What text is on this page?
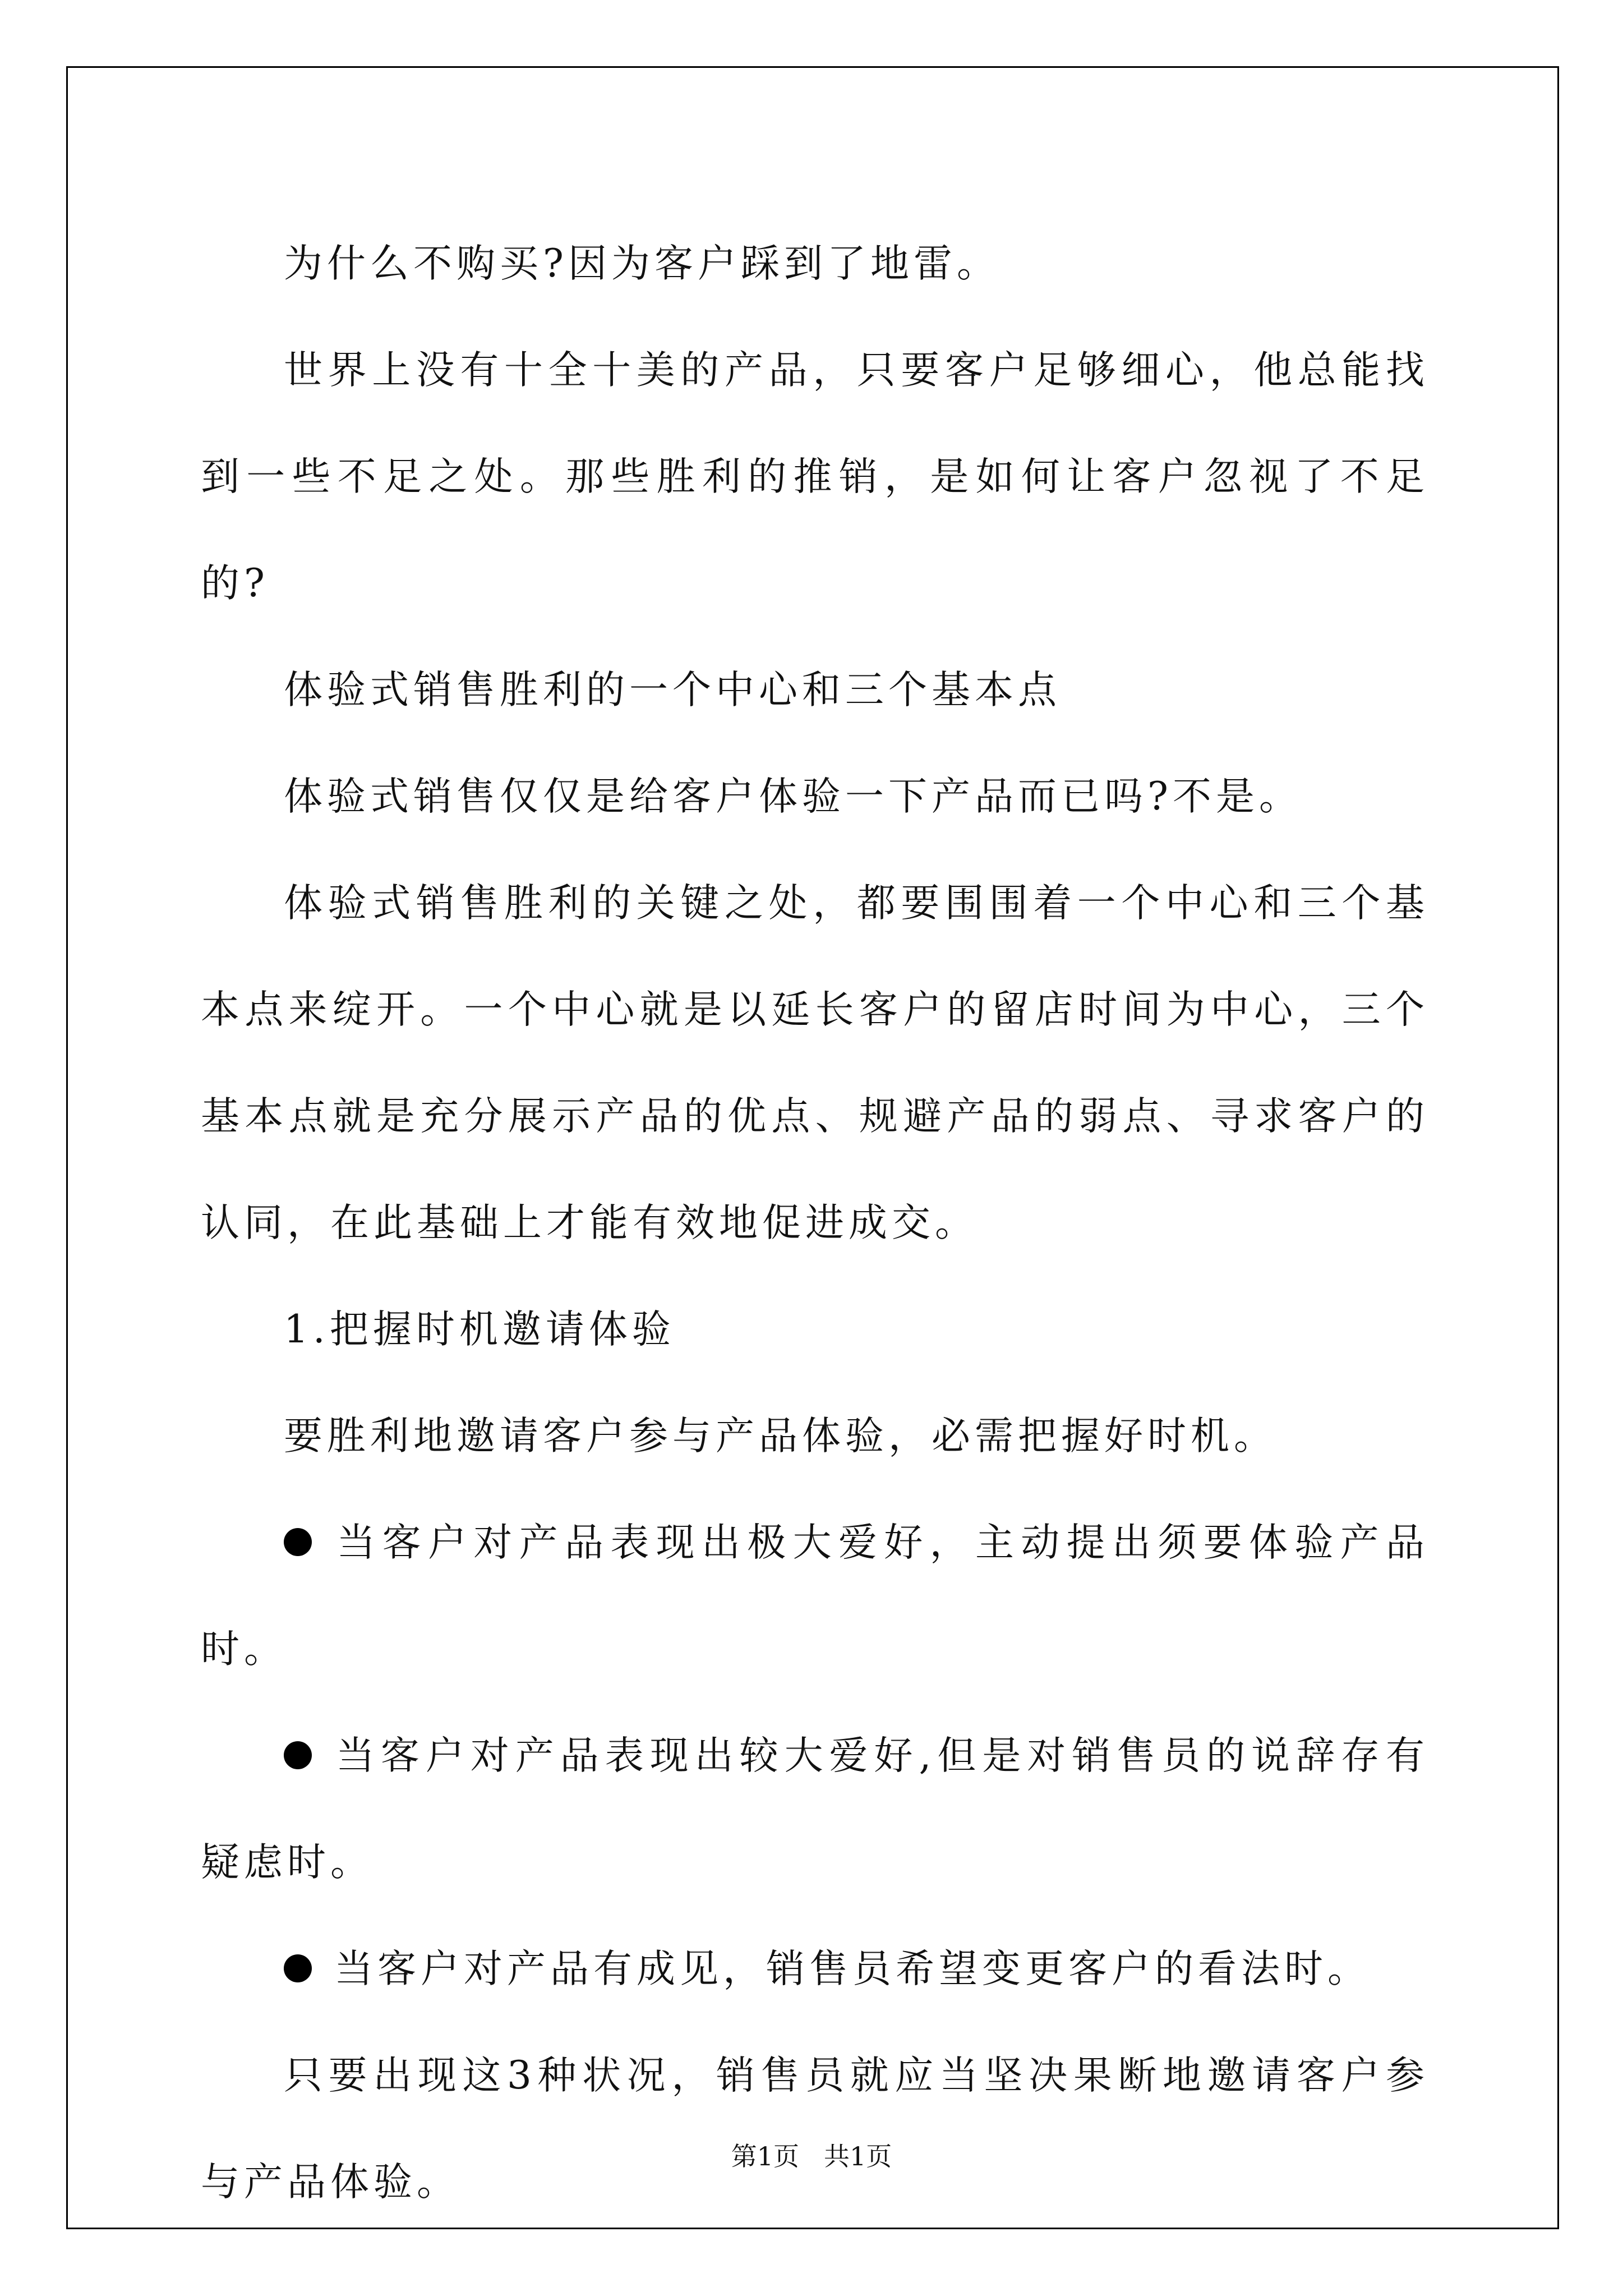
为什么不购买?因为客户踩到了地雷。

世界上没有十全十美的产品，只要客户足够细心，他总能找到一些不足之处。那些胜利的推销，是如何让客户忽视了不足的?

体验式销售胜利的一个中心和三个基本点

体验式销售仅仅是给客户体验一下产品而已吗?不是。

体验式销售胜利的关键之处，都要围围着一个中心和三个基本点来绽开。一个中心就是以延长客户的留店时间为中心，三个基本点就是充分展示产品的优点、规避产品的弱点、寻求客户的认同，在此基础上才能有效地促进成交。

1.把握时机邀请体验

要胜利地邀请客户参与产品体验，必需把握好时机。

当客户对产品表现出极大爱好，主动提出须要体验产品时。

当客户对产品表现出较大爱好,但是对销售员的说辞存有疑虑时。

当客户对产品有成见，销售员希望变更客户的看法时。

只要出现这3种状况，销售员就应当坚决果断地邀请客户参与产品体验。

第1页 共1页
